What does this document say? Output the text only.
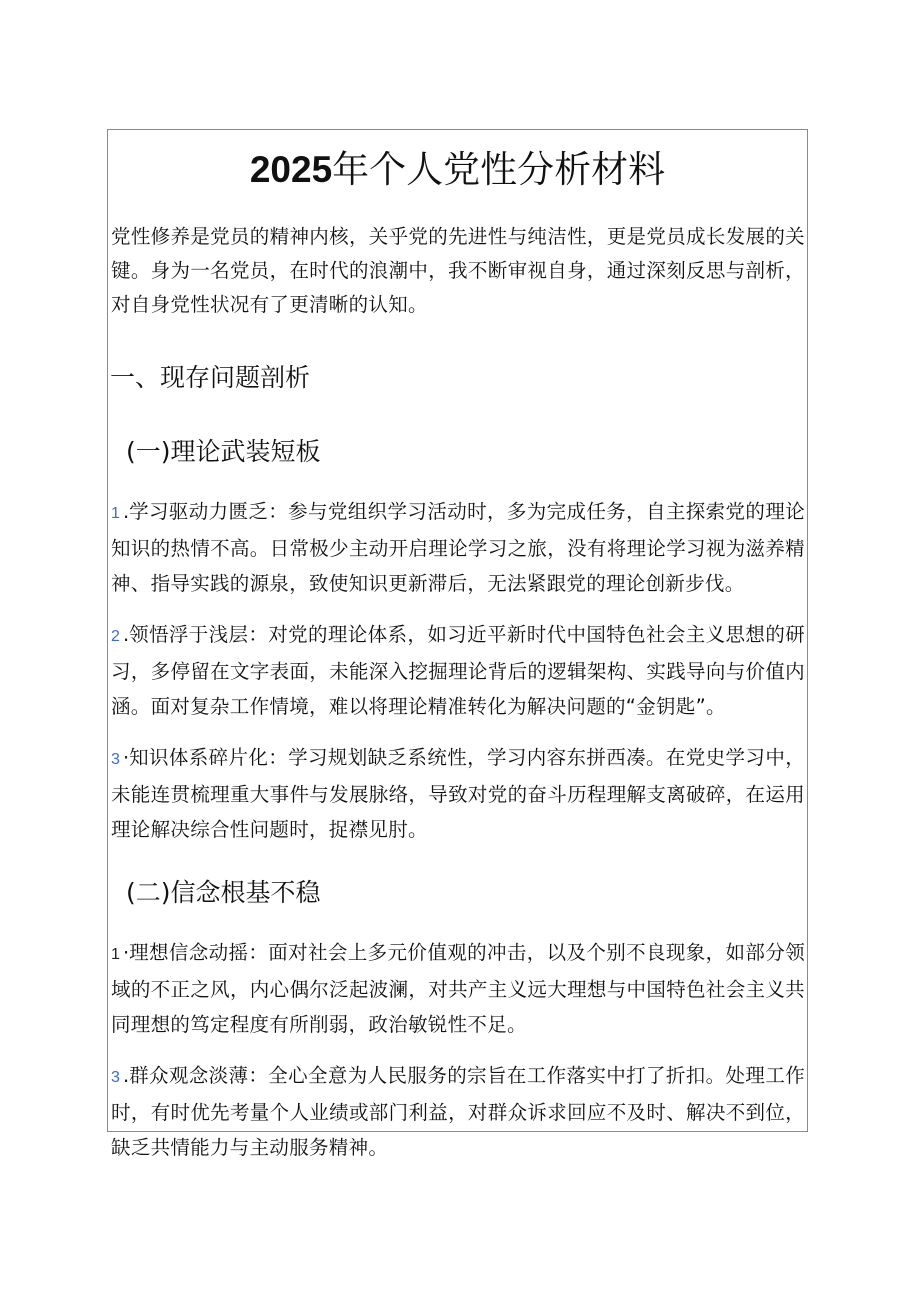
2025年个人党性分析材料
党性修养是党员的精神内核，关乎党的先进性与纯洁性，更是党员成长发展的关键。身为一名党员，在时代的浪潮中，我不断审视自身，通过深刻反思与剖析，对自身党性状况有了更清晰的认知。
一、现存问题剖析
(一)理论武装短板
1 .学习驱动力匮乏：参与党组织学习活动时，多为完成任务，自主探索党的理论知识的热情不高。日常极少主动开启理论学习之旅，没有将理论学习视为滋养精神、指导实践的源泉，致使知识更新滞后，无法紧跟党的理论创新步伐。
2 .领悟浮于浅层：对党的理论体系，如习近平新时代中国特色社会主义思想的研习，多停留在文字表面，未能深入挖掘理论背后的逻辑架构、实践导向与价值内涵。面对复杂工作情境，难以将理论精准转化为解决问题的“金钥匙”。
3 ·知识体系碎片化：学习规划缺乏系统性，学习内容东拼西凑。在党史学习中，未能连贯梳理重大事件与发展脉络，导致对党的奋斗历程理解支离破碎，在运用理论解决综合性问题时，捉襟见肘。
(二)信念根基不稳
1 ·理想信念动摇：面对社会上多元价值观的冲击，以及个别不良现象，如部分领域的不正之风，内心偶尔泛起波澜，对共产主义远大理想与中国特色社会主义共同理想的笃定程度有所削弱，政治敏锐性不足。
3 .群众观念淡薄：全心全意为人民服务的宗旨在工作落实中打了折扣。处理工作时，有时优先考量个人业绩或部门利益，对群众诉求回应不及时、解决不到位，缺乏共情能力与主动服务精神。
